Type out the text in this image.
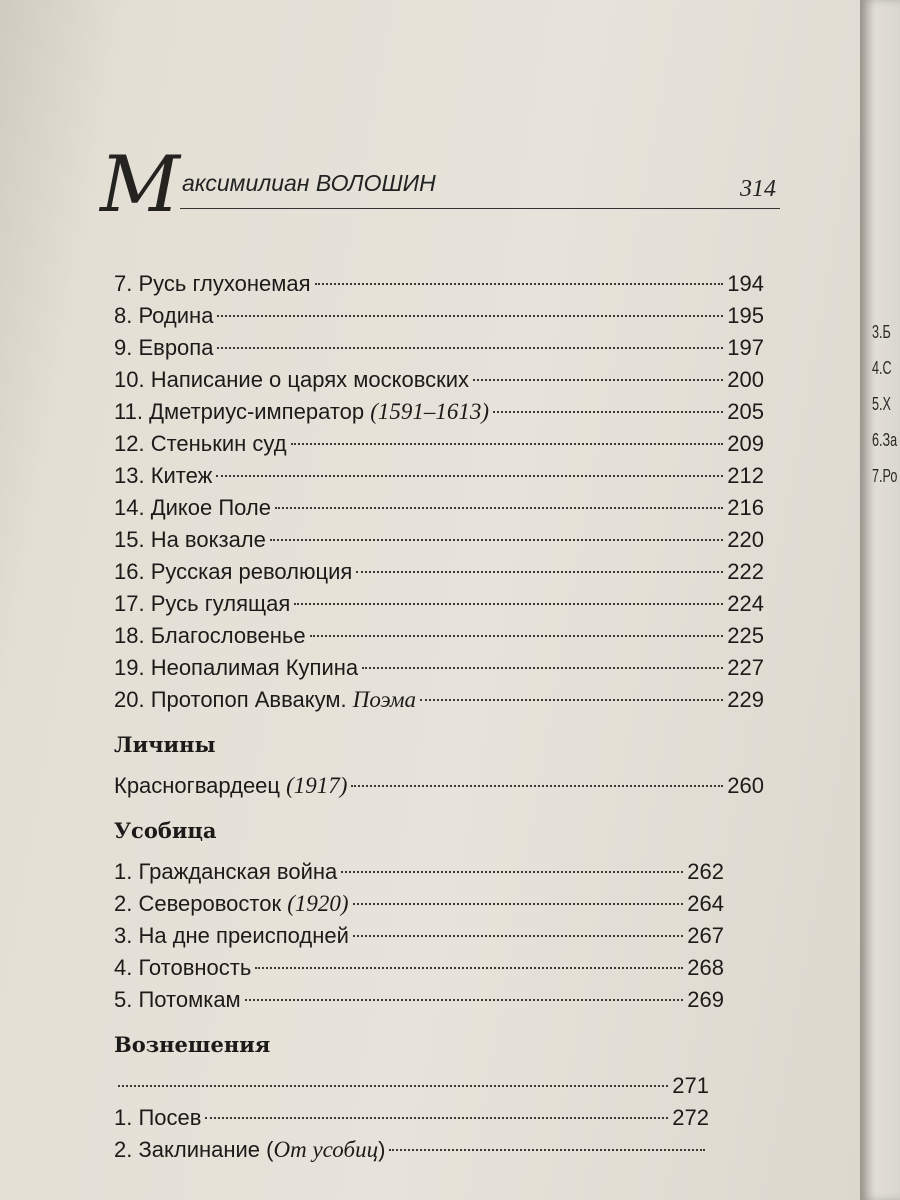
М аксимилиан ВОЛОШИН	314
7. Русь глухонемая	194
8. Родина	195
9. Европа	197
10. Написание о царях московских	200
11. Дметриус-император (1591–1613)	205
12. Стенькин суд	209
13. Китеж	212
14. Дикое Поле	216
15. На вокзале	220
16. Русская революция	222
17. Русь гулящая	224
18. Благословенье	225
19. Неопалимая Купина	227
20. Протопоп Аввакум. Поэма	229
Личины
Красногвардеец (1917)	260
Усобица
1. Гражданская война	262
2. Северовосток (1920)	264
3. На дне преисподней	267
4. Готовность	268
5. Потомкам	269
Вознешения
271
1. Посев	272
2. Заклинание (От усобиц)
3.Б
4.С
5.Х
6.За
7.Ро
